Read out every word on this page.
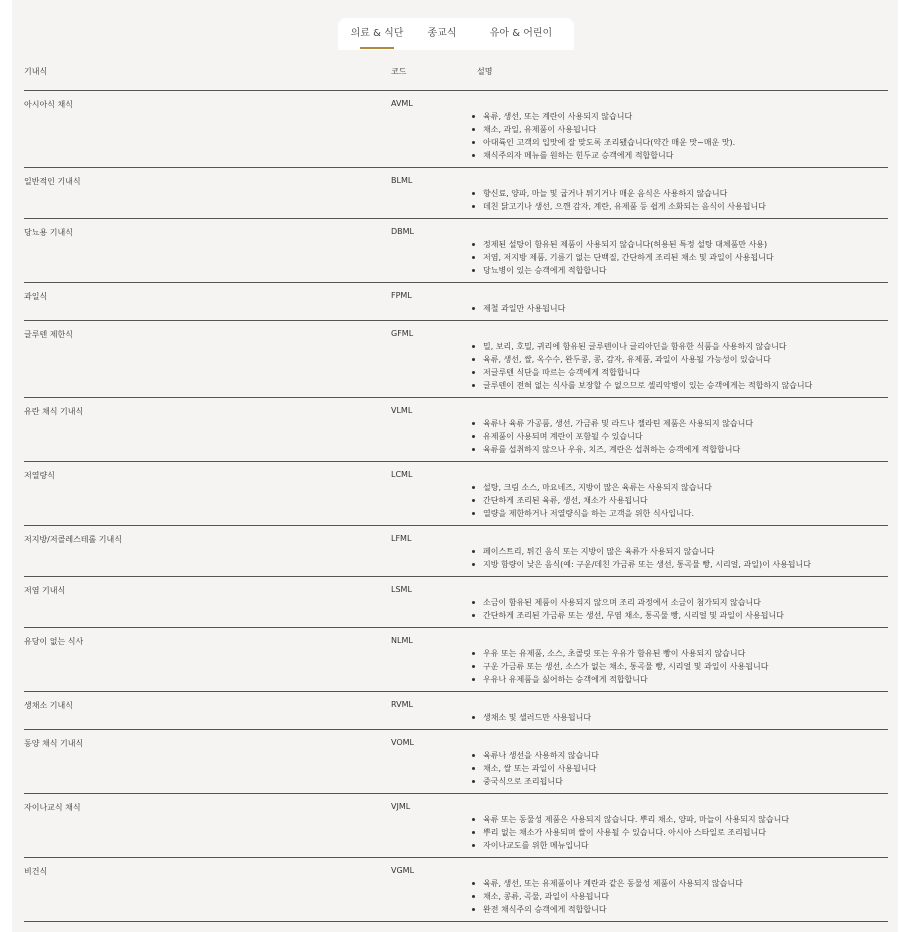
의료 & 식단	종교식	유아 & 어린이
기내식	코드	설명
아시아식 채식	AVML
육류, 생선, 또는 계란이 사용되지 않습니다
채소, 과일, 유제품이 사용됩니다
아대륙인 고객의 입맛에 잘 맞도록 조리됐습니다(약간 매운 맛~매운 맛).
채식주의자 메뉴를 원하는 힌두교 승객에게 적합합니다
일반적인 기내식	BLML
향신료, 양파, 마늘 및 굽거나 튀기거나 매운 음식은 사용하지 않습니다
데친 닭고기나 생선, 으깬 감자, 계란, 유제품 등 쉽게 소화되는 음식이 사용됩니다
당뇨용 기내식	DBML
정제된 설탕이 함유된 제품이 사용되지 않습니다(허용된 특정 설탕 대체품만 사용)
저염, 저지방 제품, 기름기 없는 단백질, 간단하게 조리된 채소 및 과일이 사용됩니다
당뇨병이 있는 승객에게 적합합니다
과일식	FPML
제철 과일만 사용됩니다
글루텐 제한식	GFML
밀, 보리, 호밀, 귀리에 함유된 글루텐이나 글리아딘을 함유한 식품을 사용하지 않습니다
육류, 생선, 쌀, 옥수수, 완두콩, 콩, 감자, 유제품, 과일이 사용될 가능성이 있습니다
저글루텐 식단을 따르는 승객에게 적합합니다
글루텐이 전혀 없는 식사를 보장할 수 없으므로 셀리악병이 있는 승객에게는 적합하지 않습니다
유란 채식 기내식	VLML
육류나 육류 가공품, 생선, 가금류 및 라드나 젤라틴 제품은 사용되지 않습니다
유제품이 사용되며 계란이 포함될 수 있습니다
육류를 섭취하지 않으나 우유, 치즈, 계란은 섭취하는 승객에게 적합합니다
저열량식	LCML
설탕, 크림 소스, 마요네즈, 지방이 많은 육류는 사용되지 않습니다
간단하게 조리된 육류, 생선, 채소가 사용됩니다
열량을 제한하거나 저열량식을 하는 고객을 위한 식사입니다.
저지방/저콜레스테롤 기내식	LFML
페이스트리, 튀긴 음식 또는 지방이 많은 육류가 사용되지 않습니다
지방 함량이 낮은 음식(예: 구운/데친 가금류 또는 생선, 통곡물 빵, 시리얼, 과일)이 사용됩니다
저염 기내식	LSML
소금이 함유된 제품이 사용되지 않으며 조리 과정에서 소금이 첨가되지 않습니다
간단하게 조리된 가금류 또는 생선, 무염 채소, 통곡물 빵, 시리얼 및 과일이 사용됩니다
유당이 없는 식사	NLML
우유 또는 유제품, 소스, 초콜릿 또는 우유가 함유된 빵이 사용되지 않습니다
구운 가금류 또는 생선, 소스가 없는 채소, 통곡물 빵, 시리얼 및 과일이 사용됩니다
우유나 유제품을 싫어하는 승객에게 적합합니다
생채소 기내식	RVML
생채소 및 샐러드만 사용됩니다
동양 채식 기내식	VOML
육류나 생선을 사용하지 않습니다
채소, 쌀 또는 과일이 사용됩니다
중국식으로 조리됩니다
자이나교식 채식	VJML
육류 또는 동물성 제품은 사용되지 않습니다. 뿌리 채소, 양파, 마늘이 사용되지 않습니다
뿌리 없는 채소가 사용되며 쌀이 사용될 수 있습니다. 아시아 스타일로 조리됩니다
자이나교도를 위한 메뉴입니다
비건식	VGML
육류, 생선, 또는 유제품이나 계란과 같은 동물성 제품이 사용되지 않습니다
채소, 콩류, 곡물, 과일이 사용됩니다
완전 채식주의 승객에게 적합합니다
